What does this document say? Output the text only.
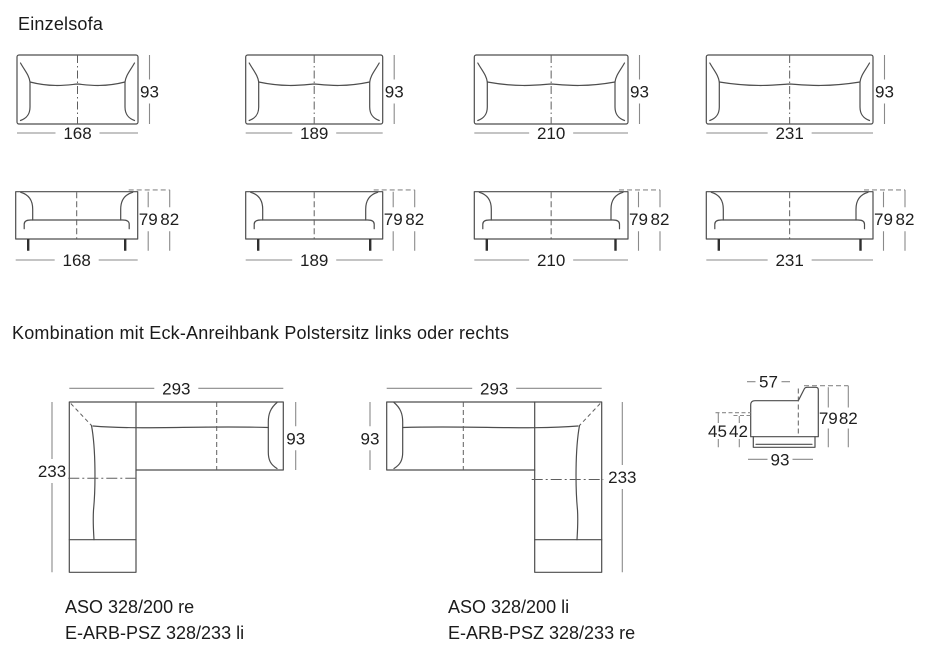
Einzelsofa
Kombination mit Eck-Anreihbank Polstersitz links oder rechts
93
168
93
189
93
210
93
231
79 82
168
79 82
189
79 82
210
79 82
231
293
233
93
293
93
233
45 42
79 82
57
93
ASO 328/200 re
E-ARB-PSZ 328/233 li
ASO 328/200 li
E-ARB-PSZ 328/233 re
